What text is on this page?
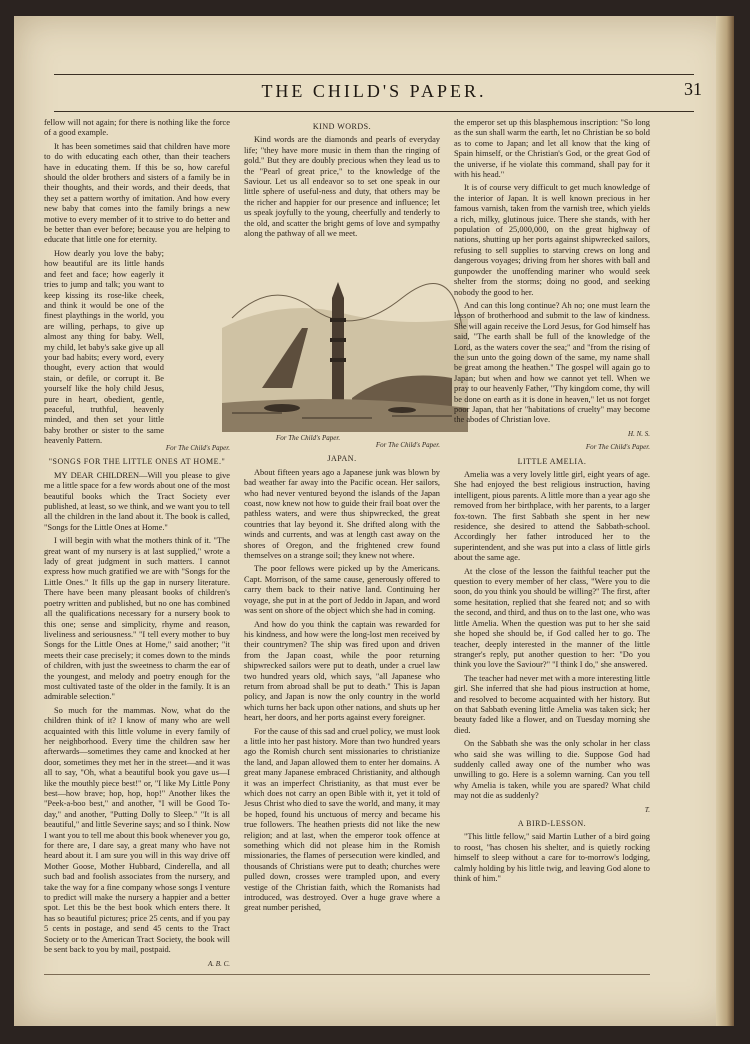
THE CHILD'S PAPER.	31

fellow will not again; for there is nothing like the force of a good example.

It has been sometimes said that children have more to do with educating each other, than their teachers have in educating them. If this be so, how careful should the older brothers and sisters of a family be in their thoughts, and their words, and their deeds, that they set a pattern worthy of imitation. And how every new baby that comes into the family brings a new motive to every member of it to strive to do better and be better than ever before; because you are helping to educate that little one for eternity.

How dearly you love the baby; how beautiful are its little hands and feet and face; how eagerly it tries to jump and talk; you want to keep kissing its rose-like cheek, and think it would be one of the finest playthings in the world, you are willing, perhaps, to give up almost any thing for baby. Well, my child, let baby's sake give up all your bad habits; every word, every thought, every action that would stain, or defile, or corrupt it. Be yourself like the holy child Jesus, pure in heart, obedient, gentle, peaceful, truthful, heavenly minded, and then set your little baby brother or sister to the same heavenly Pattern.

For The Child's Paper.
"SONGS FOR THE LITTLE ONES AT HOME."

MY DEAR CHILDREN—Will you please to give me a little space for a few words about one of the most beautiful books which the Tract Society ever published, at least, so we think, and we want you to tell all the children in the land about it. The book is called, "Songs for the Little Ones at Home."

I will begin with what the mothers think of it. "The great want of my nursery is at last supplied," wrote a lady of great judgment in such matters. I cannot express how much gratified we are with "Songs for the Little Ones." It fills up the gap in nursery literature. There have been many pleasant books of children's poetry written and published, but no one has combined all the qualifications necessary for a nursery book to this one; sense and simplicity, rhyme and reason, liveliness and seriousness." "I tell every mother to buy Songs for the Little Ones at Home," said another; "it meets their case precisely; it comes down to the minds of children, with just the sweetness to charm the ear of the youngest, and melody and poetry enough for the most cultivated taste of the older in the family. It is an admirable selection."

So much for the mammas. Now, what do the children think of it? I know of many who are well acquainted with this little volume in every family of her neighborhood. Every time the children saw her afterwards—sometimes they came and knocked at her door, sometimes they met her in the street—and it was all to say, "Oh, what a beautiful book you gave us—I like the mouthly piece best!" or, "I like My Little Pony best—how brave; hop, hop, hop!" Another likes the "Peek-a-boo best," and another, "I will be Good To-day," and another, "Putting Dolly to Sleep." "It is all beautiful," and little Severine says; and so I think. Now I want you to tell me about this book whenever you go, for there are, I dare say, a great many who have not heard about it. I am sure you will in this way drive off Mother Goose, Mother Hubbard, Cinderella, and all such bad and foolish associates from the nursery, and take the way for a fine company whose songs I venture to predict will make the nursery a happier and a better spot. Let this be the best book which enters there. It has so beautiful pictures; price 25 cents, and if you pay 5 cents in postage, and send 45 cents to the Tract Society or to the American Tract Society, the book will be sent back to you by mail, postpaid.

A. B. C.
KIND WORDS.

Kind words are the diamonds and pearls of everyday life; "they have more music in them than the ringing of gold." But they are doubly precious when they lead us to the "Pearl of great price," to the knowledge of the Saviour. Let us all endeavor so to set one speak in our little sphere of useful-ness and duty, that others may be the richer and happier for our presence and influence; let us speak joyfully to the young, cheerfully and tenderly to the old, and scatter the bright gems of love and sympathy along the pathway of all we meet.

For The Child's Paper.
For The Child's Paper.
JAPAN.

About fifteen years ago a Japanese junk was blown by bad weather far away into the Pacific ocean. Her sailors, who had never ventured beyond the islands of the Japan coast, now knew not how to guide their frail boat over the pathless waters, and were thus shipwrecked, the great countries that lay beyond it. She drifted along with the winds and currents, and was at length cast away on the shores of Oregon, and the frightened crew found themselves on a strange soil; they knew not where.

The poor fellows were picked up by the Americans. Capt. Morrison, of the same cause, generously offered to carry them back to their native land. Continuing her voyage, she put in at the port of Jeddo in Japan, and word was sent on shore of the object which she had in coming.

And how do you think the captain was rewarded for his kindness, and how were the long-lost men received by their countrymen? The ship was fired upon and driven from the Japan coast, while the poor returning shipwrecked sailors were put to death, under a cruel law two hundred years old, which says, "all Japanese who return from abroad shall be put to death." This is Japan policy, and Japan is now the only country in the world which turns her back upon other nations, and shuts up her heart, her doors, and her ports against every foreigner.

For the cause of this sad and cruel policy, we must look a little into her past history. More than two hundred years ago the Romish church sent missionaries to christianize the land, and Japan allowed them to enter her domains. A great many Japanese embraced Christianity, and although it was an imperfect Christianity, as that must ever be which does not carry an open Bible with it, yet it told of Jesus Christ who died to save the world, and many, it may be hoped, found his unctuous of mercy and became his true followers. The heathen priests did not like the new religion; and at last, when the emperor took offence at something which did not please him in the Romish missionaries, the flames of persecution were kindled, and thousands of Christians were put to death; churches were pulled down, crosses were trampled upon, and every vestige of the Christian faith, which the Romanists had introduced, was destroyed. Over a huge grave where a great number perished,

the emperor set up this blasphemous inscription: "So long as the sun shall warm the earth, let no Christian be so bold as to come to Japan; and let all know that the king of Spain himself, or the Christian's God, or the great God of the universe, if he violate this command, shall pay for it with his head."

It is of course very difficult to get much knowledge of the interior of Japan. It is well known precious in her famous varnish, taken from the varnish tree, which yields a rich, milky, glutinous juice. There she stands, with her population of 25,000,000, on the great highway of nations, shutting up her ports against shipwrecked sailors, refusing to sell supplies to starving crews on long and dangerous voyages; driving from her shores with ball and gunpowder the unoffending mariner who would seek shelter from the storms; doing no good, and seeking nobody the good to her.

And can this long continue? Ah no; one must learn the lesson of brotherhood and submit to the law of kindness. She will again receive the Lord Jesus, for God himself has said, "The earth shall be full of the knowledge of the Lord, as the waters cover the sea;" and "from the rising of the sun unto the going down of the same, my name shall be great among the heathen." The gospel will again go to Japan; but when and how we cannot yet tell. When we pray to our heavenly Father, "Thy kingdom come, thy will be done on earth as it is done in heaven," let us not forget poor Japan, that her "habitations of cruelty" may become the abodes of Christian love.

H. N. S.
For The Child's Paper.
LITTLE AMELIA.

Amelia was a very lovely little girl, eight years of age. She had enjoyed the best religious instruction, having intelligent, pious parents. A little more than a year ago she removed from her birthplace, with her parents, to a larger fox-town. The first Sabbath she spent in her new residence, she desired to attend the Sabbath-school. Accordingly her father introduced her to the superintendent, and she was put into a class of little girls about the same age.

At the close of the lesson the faithful teacher put the question to every member of her class, "Were you to die soon, do you think you should be willing?" The first, after some hesitation, replied that she feared not; and so with the second, and third, and thus on to the last one, who was little Amelia. When the question was put to her she said she hoped she should be, if God called her to go. The teacher, deeply interested in the manner of the little stranger's reply, put another question to her: "Do you think you love the Saviour?" "I think I do," she answered.

The teacher had never met with a more interesting little girl. She inferred that she had pious instruction at home, and resolved to become acquainted with her history. But on that Sabbath evening little Amelia was taken sick; her beauty faded like a flower, and on Tuesday morning she died.

On the Sabbath she was the only scholar in her class who said she was willing to die. Suppose God had suddenly called away one of the number who was unwilling to go. Here is a solemn warning. Can you tell why Amelia is taken, while you are spared? What child may not die as suddenly?

T.
A BIRD-LESSON.

"This little fellow," said Martin Luther of a bird going to roost, "has chosen his shelter, and is quietly rocking himself to sleep without a care for to-morrow's lodging, calmly holding by his little twig, and leaving God alone to think of him."
